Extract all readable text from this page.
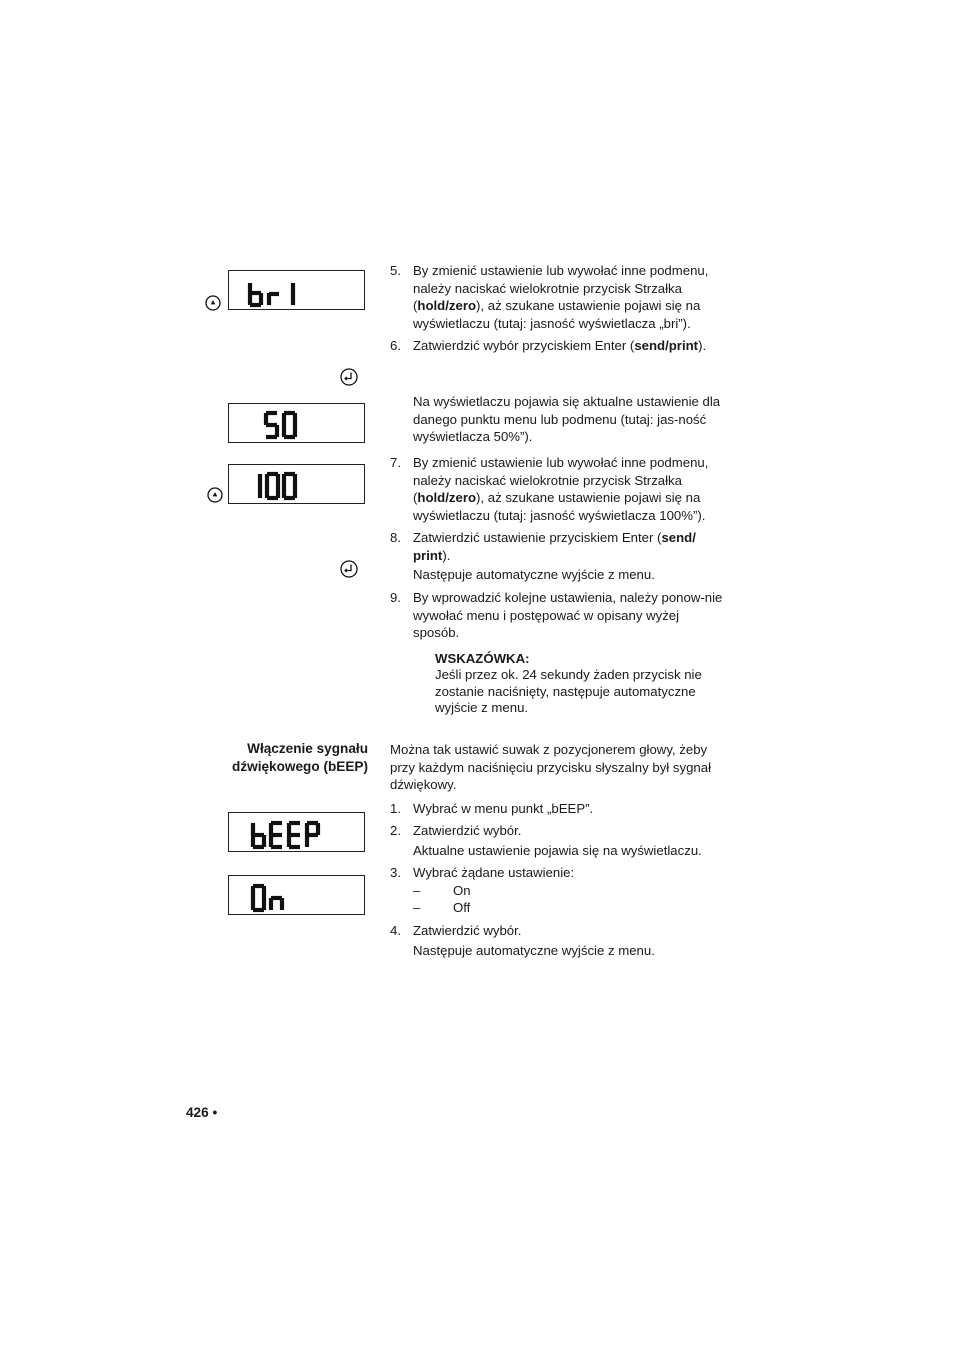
5. By zmienić ustawienie lub wywołać inne podmenu, należy naciskać wielokrotnie przycisk Strzałka (hold/zero), aż szukane ustawienie pojawi się na wyświetlaczu (tutaj: jasność wyświetlacza „bri”).
6. Zatwierdzić wybór przyciskiem Enter (send/print).
Na wyświetlaczu pojawia się aktualne ustawienie dla danego punktu menu lub podmenu (tutaj: jas-ność wyświetlacza 50%”).
7. By zmienić ustawienie lub wywołać inne podmenu, należy naciskać wielokrotnie przycisk Strzałka (hold/zero), aż szukane ustawienie pojawi się na wyświetlaczu (tutaj: jasność wyświetlacza 100%”).
8. Zatwierdzić ustawienie przyciskiem Enter (send/ print).
Następuje automatyczne wyjście z menu.
9. By wprowadzić kolejne ustawienia, należy ponow-nie wywołać menu i postępować w opisany wyżej sposób.
WSKAZÓWKA:
Jeśli przez ok. 24 sekundy żaden przycisk nie zostanie naciśnięty, następuje automatyczne wyjście z menu.
Włączenie sygnału
dźwiękowego (bEEP)
Można tak ustawić suwak z pozycjonerem głowy, żeby przy każdym naciśnięciu przycisku słyszalny był sygnał dźwiękowy.
1. Wybrać w menu punkt „bEEP”.
2. Zatwierdzić wybór.
Aktualne ustawienie pojawia się na wyświetlaczu.
3. Wybrać żądane ustawienie:
– On
– Off
4. Zatwierdzić wybór.
Następuje automatyczne wyjście z menu.
426 •
